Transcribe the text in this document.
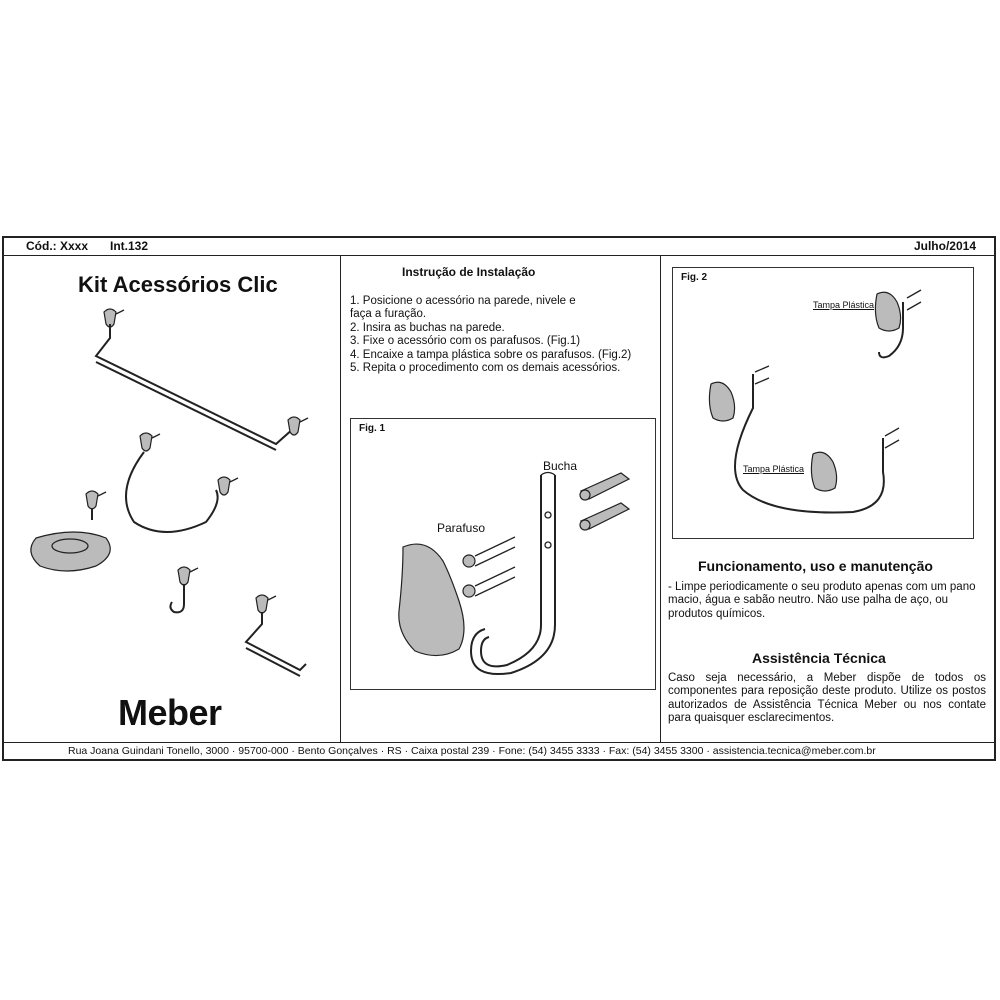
Cód.: Xxxx Int.132	Julho/2014
Kit Acessórios Clic
Meber
Instrução de Instalação
1. Posicione o acessório na parede, nivele e
faça a furação.
2. Insira as buchas na parede.
3. Fixe o acessório com os parafusos. (Fig.1)
4. Encaixe a tampa plástica sobre os parafusos. (Fig.2)
5. Repita o procedimento com os demais acessórios.
Fig. 1
Bucha
Parafuso
Fig. 2
Tampa Plástica
Tampa Plástica
Funcionamento, uso e manutenção
- Limpe periodicamente o seu produto apenas com um pano macio, água e sabão neutro. Não use palha de aço, ou produtos químicos.
Assistência Técnica
Caso seja necessário, a Meber dispõe de todos os componentes para reposição deste produto. Utilize os postos autorizados de Assistência Técnica Meber ou nos contate para quaisquer esclarecimentos.
Rua Joana Guindani Tonello, 3000 · 95700-000 · Bento Gonçalves · RS · Caixa postal 239 · Fone: (54) 3455 3333 · Fax: (54) 3455 3300 · assistencia.tecnica@meber.com.br
